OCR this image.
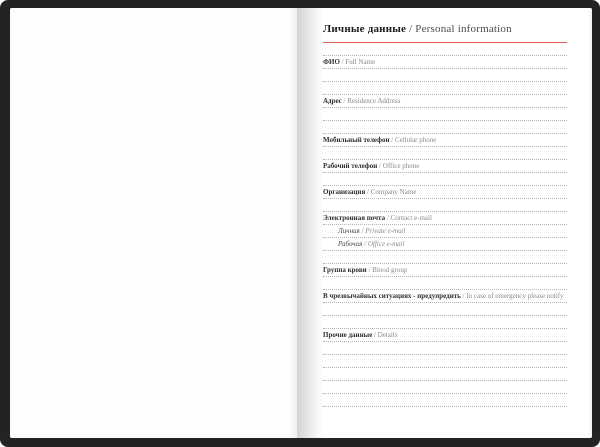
Личные данные / Personal information
ФИО / Full Name
Адрес / Residence Address
Мобильный телефон / Cellular phone
Рабочий телефон / Office phone
Организация / Company Name
Электронная почта / Contact e-mail
Личная / Private e-mail
Рабочая / Office e-mail
Группа крови / Blood group
В чрезвычайных ситуациях - предупредить / In case of emergency please notify
Прочие данные / Details
